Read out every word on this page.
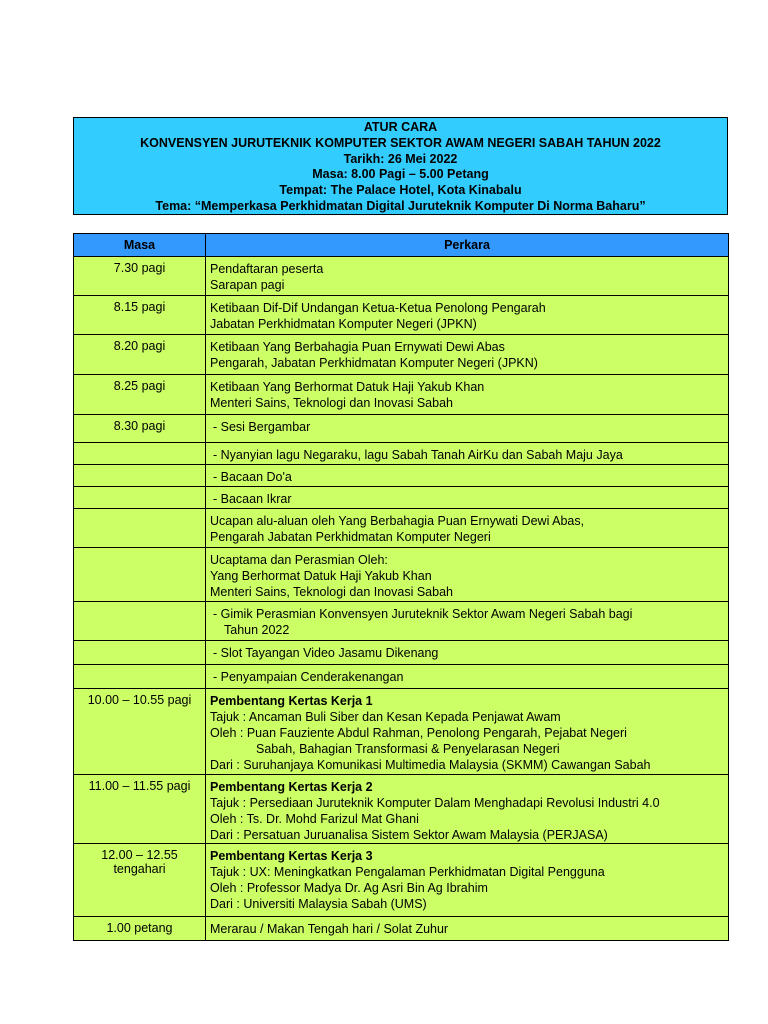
ATUR CARA
KONVENSYEN JURUTEKNIK KOMPUTER SEKTOR AWAM NEGERI SABAH TAHUN 2022
Tarikh: 26 Mei 2022
Masa: 8.00 Pagi – 5.00 Petang
Tempat: The Palace Hotel, Kota Kinabalu
Tema: “Memperkasa Perkhidmatan Digital Juruteknik Komputer Di Norma Baharu”
Masa	Perkara

7.30 pagi	Pendaftaran peserta
Sarapan pagi

8.15 pagi	Ketibaan Dif-Dif Undangan Ketua-Ketua Penolong Pengarah
Jabatan Perkhidmatan Komputer Negeri (JPKN)

8.20 pagi	Ketibaan Yang Berbahagia Puan Ernywati Dewi Abas
Pengarah, Jabatan Perkhidmatan Komputer Negeri (JPKN)

8.25 pagi	Ketibaan Yang Berhormat Datuk Haji Yakub Khan
Menteri Sains, Teknologi dan Inovasi Sabah

8.30 pagi	- Sesi Bergambar

	- Nyanyian lagu Negaraku, lagu Sabah Tanah AirKu dan Sabah Maju Jaya

	- Bacaan Do'a

	- Bacaan Ikrar

	Ucapan alu-aluan oleh Yang Berbahagia Puan Ernywati Dewi Abas,
Pengarah Jabatan Perkhidmatan Komputer Negeri

	Ucaptama dan Perasmian Oleh:
Yang Berhormat Datuk Haji Yakub Khan
Menteri Sains, Teknologi dan Inovasi Sabah

	- Gimik Perasmian Konvensyen Juruteknik Sektor Awam Negeri Sabah bagi
Tahun 2022

	- Slot Tayangan Video Jasamu Dikenang

	- Penyampaian Cenderakenangan

10.00 – 10.55 pagi	Pembentang Kertas Kerja 1
Tajuk : Ancaman Buli Siber dan Kesan Kepada Penjawat Awam
Oleh : Puan Fauziente Abdul Rahman, Penolong Pengarah, Pejabat Negeri
Sabah, Bahagian Transformasi & Penyelarasan Negeri
Dari : Suruhanjaya Komunikasi Multimedia Malaysia (SKMM) Cawangan Sabah

11.00 – 11.55 pagi	Pembentang Kertas Kerja 2
Tajuk : Persediaan Juruteknik Komputer Dalam Menghadapi Revolusi Industri 4.0
Oleh : Ts. Dr. Mohd Farizul Mat Ghani
Dari : Persatuan Juruanalisa Sistem Sektor Awam Malaysia (PERJASA)

12.00 – 12.55
tengahari	Pembentang Kertas Kerja 3
Tajuk : UX: Meningkatkan Pengalaman Perkhidmatan Digital Pengguna
Oleh : Professor Madya Dr. Ag Asri Bin Ag Ibrahim
Dari : Universiti Malaysia Sabah (UMS)

1.00 petang	Merarau / Makan Tengah hari / Solat Zuhur
